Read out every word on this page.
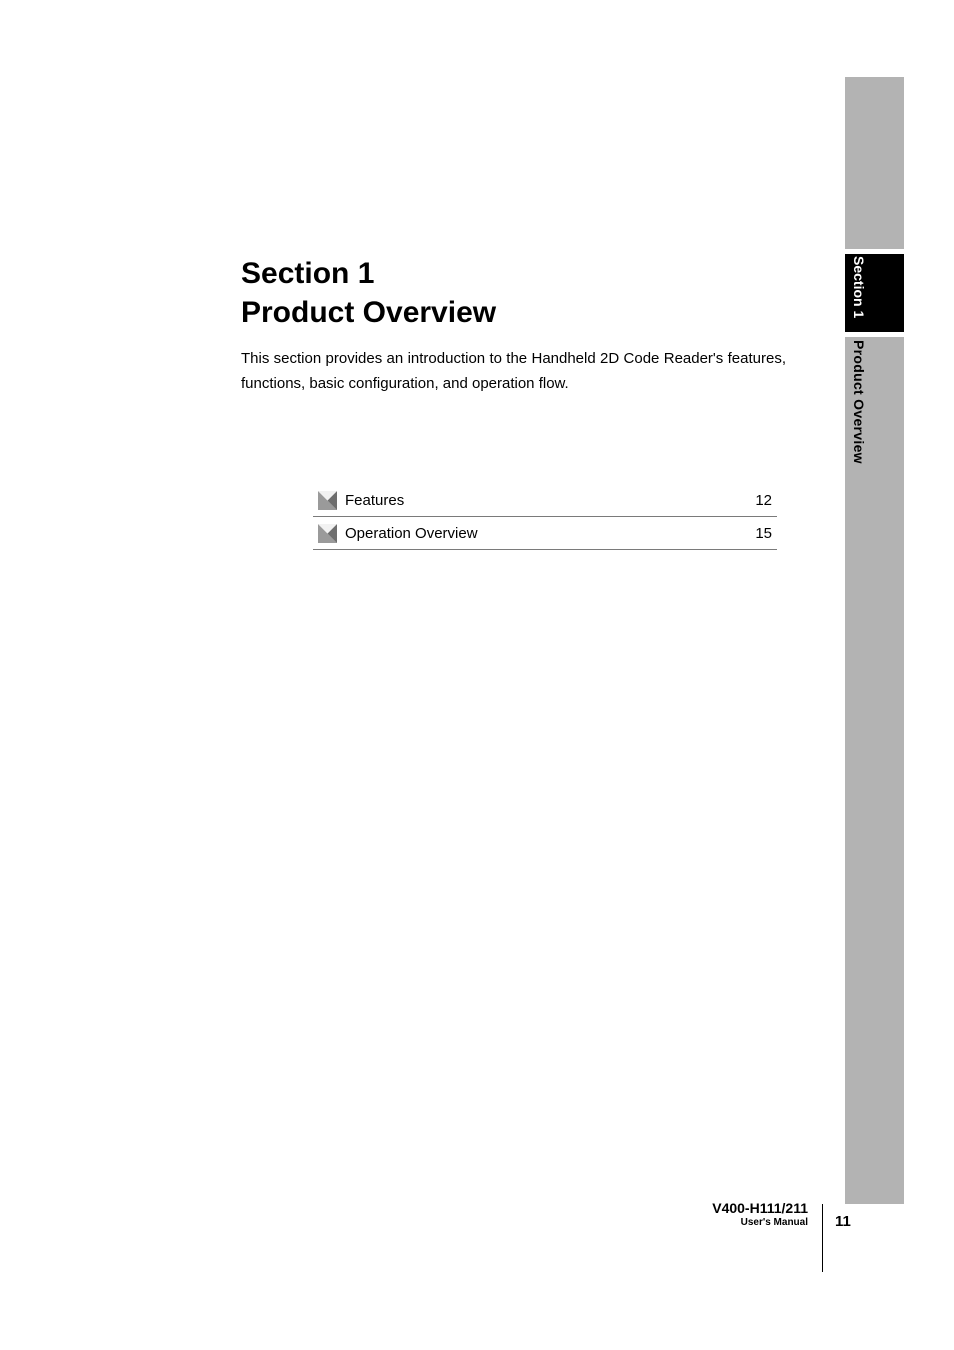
Section 1
Product Overview

This section provides an introduction to the Handheld 2D Code Reader's features, functions, basic configuration, and operation flow.

Features	12
Operation Overview	15
Section 1
Product Overview
V400-H111/211
User's Manual 11
